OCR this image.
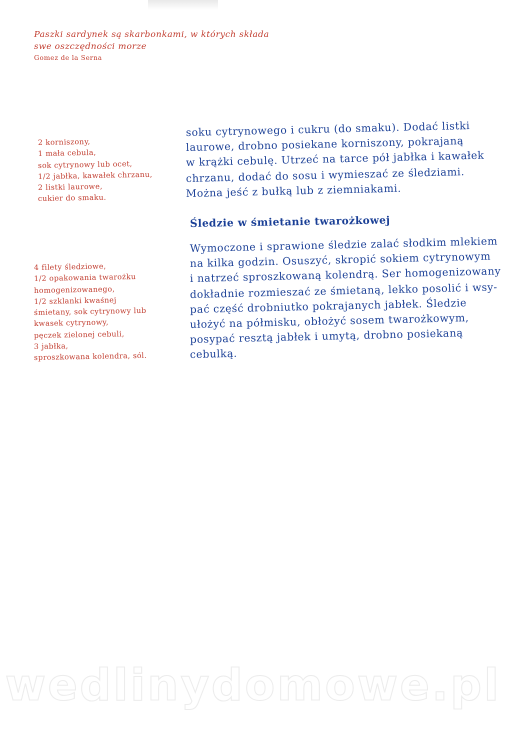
Paszki sardynek są skarbonkami, w których składa
swe oszczędności morze
Gomez de la Serna
2 korniszony,
1 mała cebula,
sok cytrynowy lub ocet,
1/2 jabłka, kawałek chrzanu,
2 listki laurowe,
cukier do smaku.
soku cytrynowego i cukru (do smaku). Dodać listki
laurowe, drobno posiekane korniszony, pokrajaną
w krążki cebulę. Utrzeć na tarce pół jabłka i kawałek
chrzanu, dodać do sosu i wymieszać ze śledziami.
Można jeść z bułką lub z ziemniakami.
Śledzie w śmietanie twarożkowej
4 filety śledziowe,
1/2 opakowania twarożku
homogenizowanego,
1/2 szklanki kwaśnej
śmietany, sok cytrynowy lub
kwasek cytrynowy,
pęczek zielonej cebuli,
3 jabłka,
sproszkowana kolendra, sól.
Wymoczone i sprawione śledzie zalać słodkim mlekiem
na kilka godzin. Osuszyć, skropić sokiem cytrynowym
i natrzeć sproszkowaną kolendrą. Ser homogenizowany
dokładnie rozmieszać ze śmietaną, lekko posolić i wsy-
pać część drobniutko pokrajanych jabłek. Śledzie
ułożyć na półmisku, obłożyć sosem twarożkowym,
posypać resztą jabłek i umytą, drobno posiekaną
cebulką.
wedlinydomowe.pl
